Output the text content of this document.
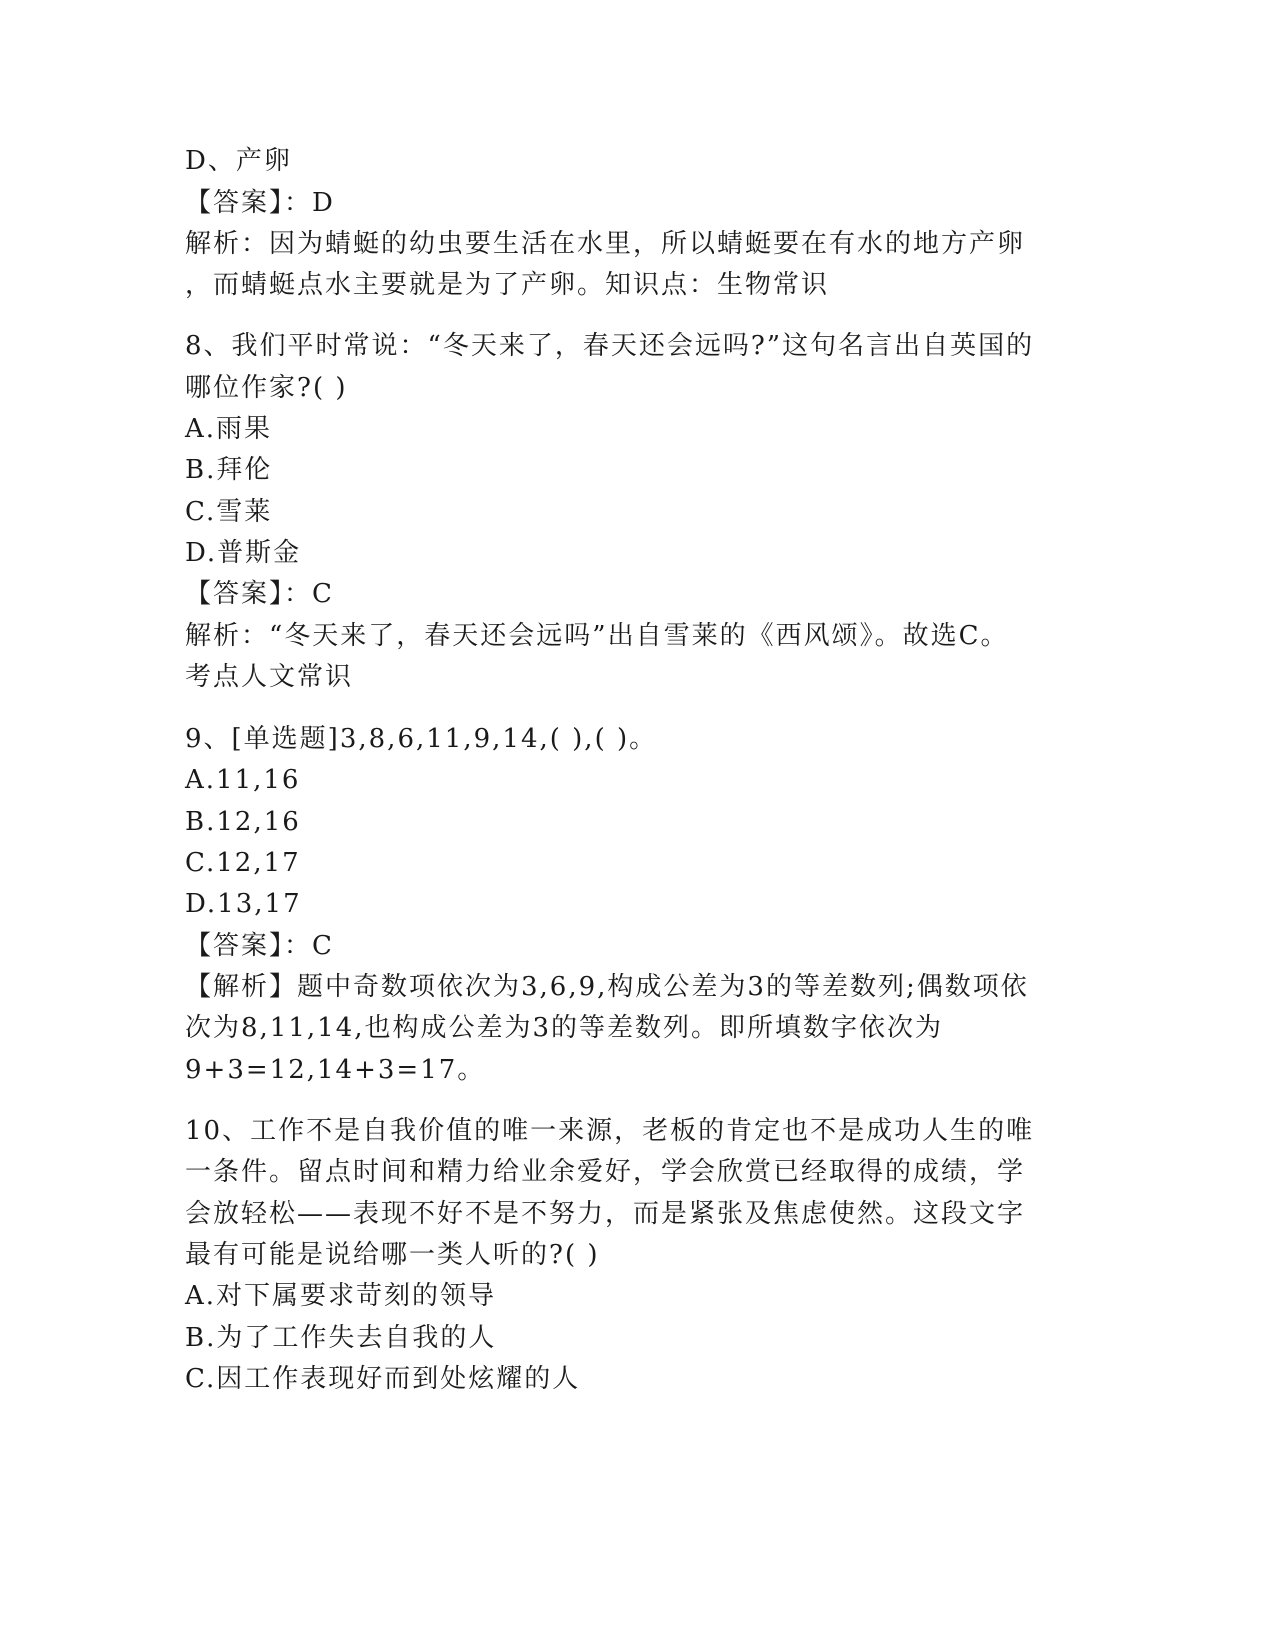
D、产卵
【答案】：D
解析：因为蜻蜓的幼虫要生活在水里，所以蜻蜓要在有水的地方产卵
，而蜻蜓点水主要就是为了产卵。知识点：生物常识
8、我们平时常说：“冬天来了，春天还会远吗?”这句名言出自英国的
哪位作家?( )
A.雨果
B.拜伦
C.雪莱
D.普斯金
【答案】：C
解析：“冬天来了，春天还会远吗”出自雪莱的《西风颂》。故选C。
考点人文常识
9、[单选题]3,8,6,11,9,14,( ),( )。
A.11,16
B.12,16
C.12,17
D.13,17
【答案】：C
【解析】题中奇数项依次为3,6,9,构成公差为3的等差数列;偶数项依
次为8,11,14,也构成公差为3的等差数列。即所填数字依次为
9+3=12,14+3=17。
10、工作不是自我价值的唯一来源，老板的肯定也不是成功人生的唯
一条件。留点时间和精力给业余爱好，学会欣赏已经取得的成绩，学
会放轻松——表现不好不是不努力，而是紧张及焦虑使然。这段文字
最有可能是说给哪一类人听的?( )
A.对下属要求苛刻的领导
B.为了工作失去自我的人
C.因工作表现好而到处炫耀的人
